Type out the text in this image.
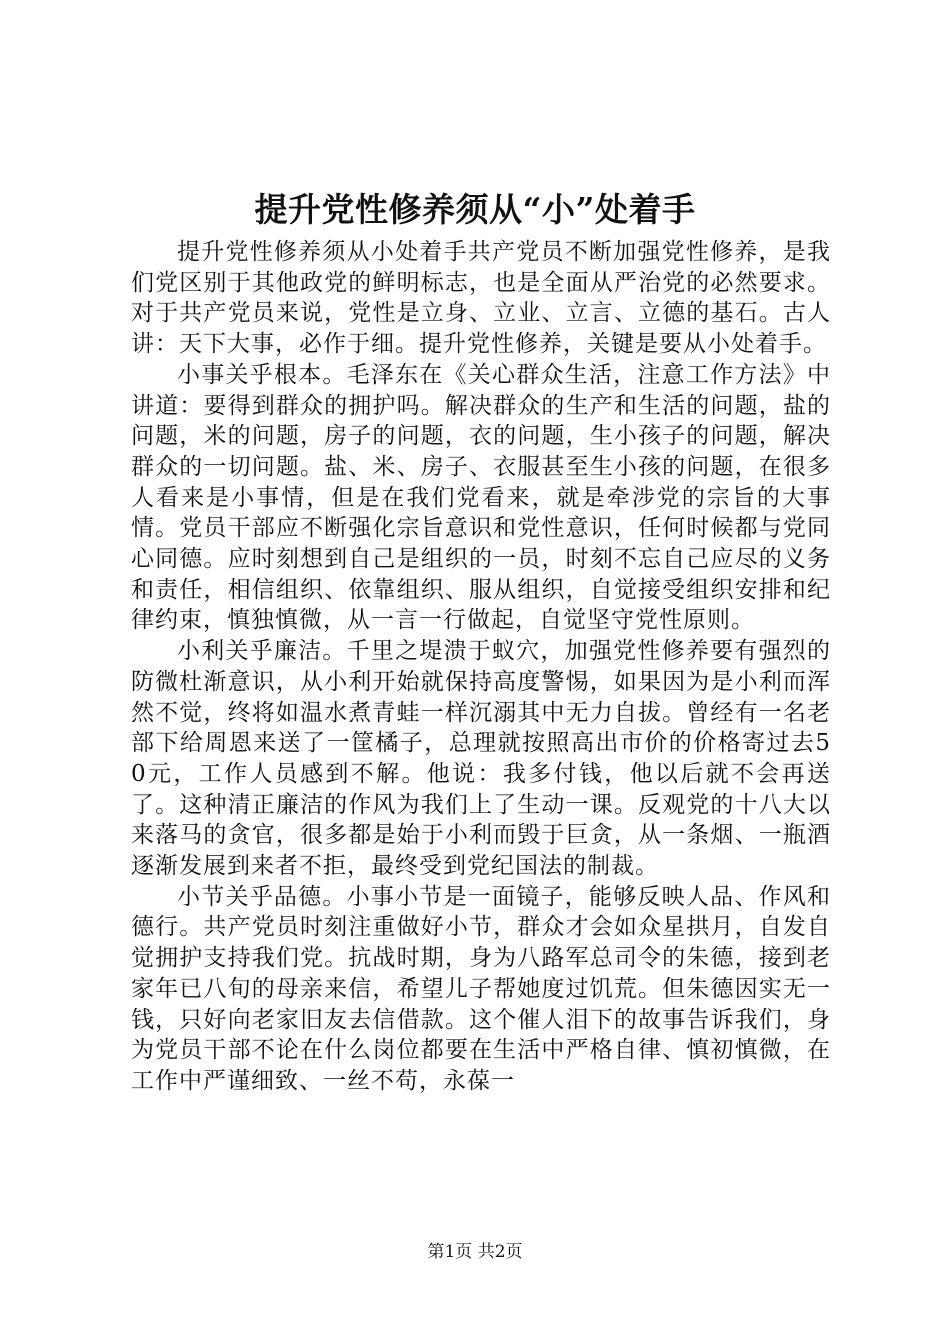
提升党性修养须从“小”处着手

提升党性修养须从小处着手共产党员不断加强党性修养，是我们党区别于其他政党的鲜明标志，也是全面从严治党的必然要求。对于共产党员来说，党性是立身、立业、立言、立德的基石。古人讲：天下大事，必作于细。提升党性修养，关键是要从小处着手。

小事关乎根本。毛泽东在《关心群众生活，注意工作方法》中讲道：要得到群众的拥护吗。解决群众的生产和生活的问题，盐的问题，米的问题，房子的问题，衣的问题，生小孩子的问题，解决群众的一切问题。盐、米、房子、衣服甚至生小孩的问题，在很多人看来是小事情，但是在我们党看来，就是牵涉党的宗旨的大事情。党员干部应不断强化宗旨意识和党性意识，任何时候都与党同心同德。应时刻想到自己是组织的一员，时刻不忘自己应尽的义务和责任，相信组织、依靠组织、服从组织，自觉接受组织安排和纪律约束，慎独慎微，从一言一行做起，自觉坚守党性原则。

小利关乎廉洁。千里之堤溃于蚁穴，加强党性修养要有强烈的防微杜渐意识，从小利开始就保持高度警惕，如果因为是小利而浑然不觉，终将如温水煮青蛙一样沉溺其中无力自拔。曾经有一名老部下给周恩来送了一筐橘子，总理就按照高出市价的价格寄过去50元，工作人员感到不解。他说：我多付钱，他以后就不会再送了。这种清正廉洁的作风为我们上了生动一课。反观党的十八大以来落马的贪官，很多都是始于小利而毁于巨贪，从一条烟、一瓶酒逐渐发展到来者不拒，最终受到党纪国法的制裁。

小节关乎品德。小事小节是一面镜子，能够反映人品、作风和德行。共产党员时刻注重做好小节，群众才会如众星拱月，自发自觉拥护支持我们党。抗战时期，身为八路军总司令的朱德，接到老家年已八旬的母亲来信，希望儿子帮她度过饥荒。但朱德因实无一钱，只好向老家旧友去信借款。这个催人泪下的故事告诉我们，身为党员干部不论在什么岗位都要在生活中严格自律、慎初慎微，在工作中严谨细致、一丝不苟，永葆一

第1页 共2页
